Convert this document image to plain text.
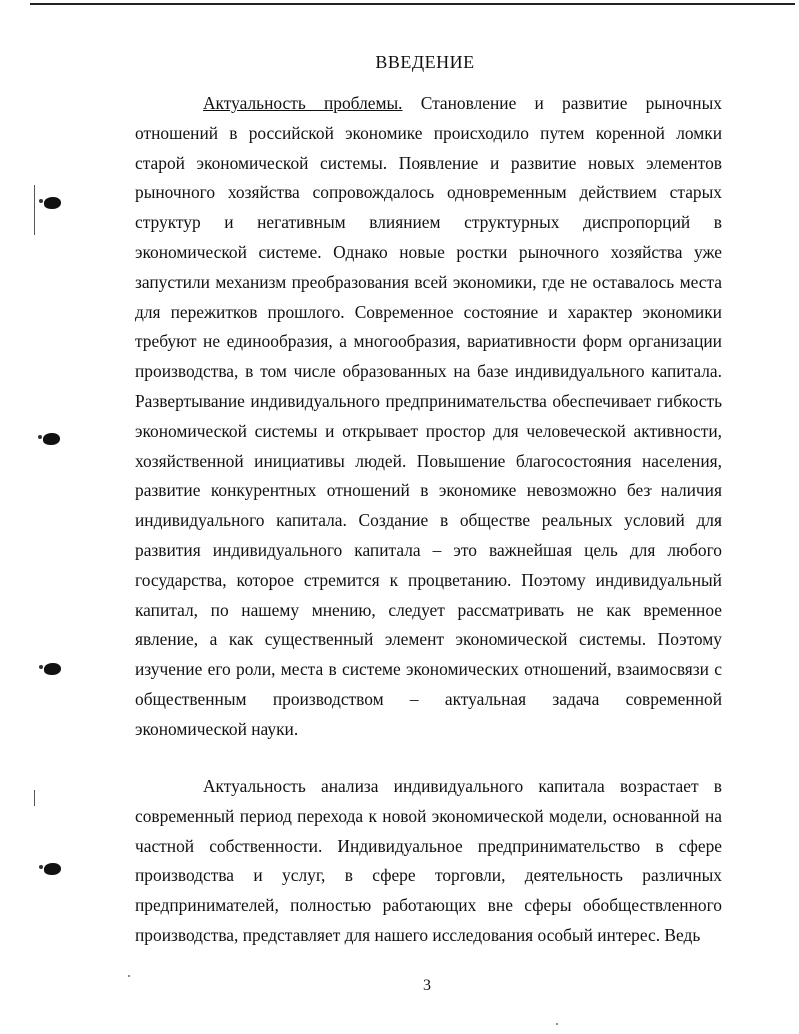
ВВЕДЕНИЕ

Актуальность проблемы. Становление и развитие рыночных отношений в российской экономике происходило путем коренной ломки старой экономической системы. Появление и развитие новых элементов рыночного хозяйства сопровождалось одновременным действием старых структур и негативным влиянием структурных диспропорций в экономической системе. Однако новые ростки рыночного хозяйства уже запустили механизм преобразования всей экономики, где не оставалось места для пережитков прошлого. Современное состояние и характер экономики требуют не единообразия, а многообразия, вариативности форм организации производства, в том числе образованных на базе индивидуального капитала. Развертывание индивидуального предпринимательства обеспечивает гибкость экономической системы и открывает простор для человеческой активности, хозяйственной инициативы людей. Повышение благосостояния населения, развитие конкурентных отношений в экономике невозможно без наличия индивидуального капитала. Создание в обществе реальных условий для развития индивидуального капитала – это важнейшая цель для любого государства, которое стремится к процветанию. Поэтому индивидуальный капитал, по нашему мнению, следует рассматривать не как временное явление, а как существенный элемент экономической системы. Поэтому изучение его роли, места в системе экономических отношений, взаимосвязи с общественным производством – актуальная задача современной экономической науки.

Актуальность анализа индивидуального капитала возрастает в современный период перехода к новой экономической модели, основанной на частной собственности. Индивидуальное предпринимательство в сфере производства и услуг, в сфере торговли, деятельность различных предпринимателей, полностью работающих вне сферы обобществленного производства, представляет для нашего исследования особый интерес. Ведь

3
